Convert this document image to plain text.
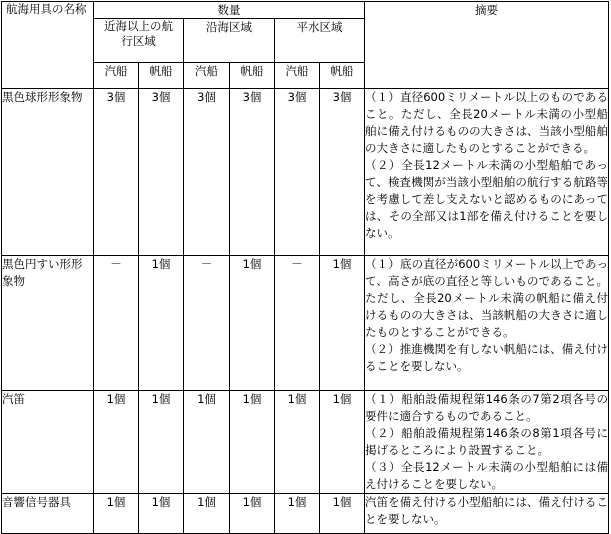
航海用具の名称	数量						摘要

	近海以上の航行区域		沿海区域		平水区域		
	汽船	帆船	汽船	帆船	汽船	帆船	
黒色球形形象物	3個	3個	3個	3個	3個	3個	（１）直径600ミリメートル以上のものであること。ただし、全長20メートル未満の小型船舶に備え付けるものの大きさは、当該小型船舶の大きさに適したものとすることができる。

（２）全長12メートル未満の小型船舶であって、検査機関が当該小型船舶の航行する航路等を考慮して差し支えないと認めるものにあっては、その全部又は1部を備え付けることを要しない。

黒色円すい形形象物	－	1個	－	1個	－	1個	（１）底の直径が600ミリメートル以上であって、高さが底の直径と等しいものであること。ただし、全長20メートル未満の帆船に備え付けるものの大きさは、当該帆船の大きさに適したものとすることができる。

（２）推進機関を有しない帆船には、備え付けることを要しない。

汽笛	1個	1個	1個	1個	1個	1個	（１）船舶設備規程第146条の7第2項各号の要件に適合するものであること。

（２）船舶設備規程第146条の8第1項各号に掲げるところにより設置すること。

（３）全長12メートル未満の小型船舶には備え付けることを要しない。

音響信号器具	1個	1個	1個	1個	1個	1個	汽笛を備え付ける小型船舶には、備え付けることを要しない。
